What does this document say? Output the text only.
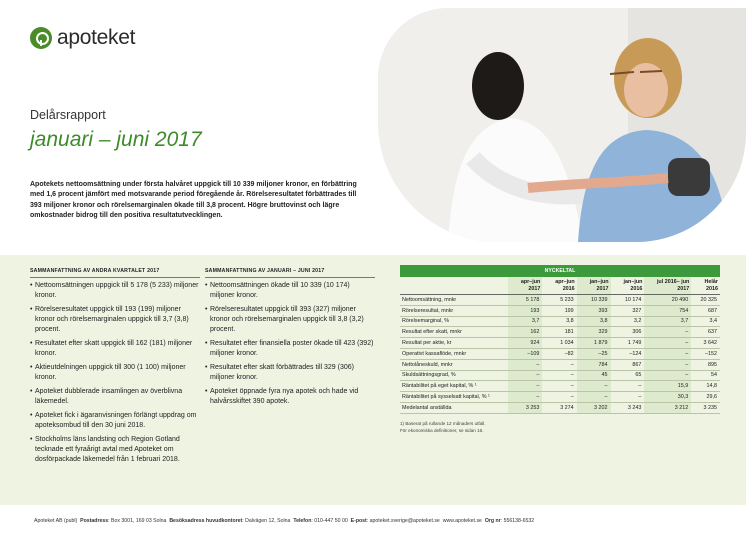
apoteket
Delårsrapport
januari – juni 2017

Apotekets nettoomsättning under första halvåret uppgick till 10 339 miljoner kronor, en förbättring med 1,6 procent jämfört med motsvarande period föregående år. Rörelseresultatet förbättrades till 393 miljoner kronor och rörelsemarginalen ökade till 3,8 procent. Högre bruttovinst och lägre omkostnader bidrog till den positiva resultatutvecklingen.

SAMMANFATTNING AV ANDRA KVARTALET 2017
• Nettoomsättningen uppgick till 5 178 (5 233) miljoner kronor.
• Rörelseresultatet uppgick till 193 (199) miljoner kronor och rörelsemarginalen uppgick till 3,7 (3,8) procent.
• Resultatet efter skatt uppgick till 162 (181) miljoner kronor.
• Aktieutdelningen uppgick till 300 (1 100) miljoner kronor.
• Apoteket dubblerade insamlingen av överblivna läkemedel.
• Apoteket fick i ägaranvisningen förlängt uppdrag om apoteksombud till den 30 juni 2018.
• Stockholms läns landsting och Region Gotland tecknade ett fyraårigt avtal med Apoteket om dosförpackade läkemedel från 1 februari 2018.
SAMMANFATTNING AV JANUARI – JUNI 2017
• Nettoomsättningen ökade till 10 339 (10 174) miljoner kronor.
• Rörelseresultatet uppgick till 393 (327) miljoner kronor och rörelsemarginalen uppgick till 3,8 (3,2) procent.
• Resultatet efter finansiella poster ökade till 423 (392) miljoner kronor.
• Resultatet efter skatt förbättrades till 329 (306) miljoner kronor.
• Apoteket öppnade fyra nya apotek och hade vid halvårsskiftet 390 apotek.
NYCKELTAL
	apr–jun 2017	apr–jun 2016	jan–jun 2017	jan–jun 2016	jul 2016– jun 2017	Helår 2016
Nettoomsättning, mnkr	5 178	5 233	10 339	10 174	20 490	20 325
Rörelseresultat, mnkr	193	199	393	327	754	687
Rörelsemarginal, %	3,7	3,8	3,8	3,2	3,7	3,4
Resultat efter skatt, mnkr	162	181	329	306	–	637
Resultat per aktie, kr	924	1 034	1 879	1 749	–	3 642
Operativt kassaflöde, mnkr	–109	–82	–25	–124	–	–152
Nettolåneskuld, mnkr	–	–	784	867	–	895
Skuldsättningsgrad, %	–	–	45	65	–	54
Räntabilitet på eget kapital, % ¹	–	–	–	–	15,9	14,8
Räntabilitet på sysselsatt kapital, % ¹	–	–	–	–	30,3	29,6
Medelantal anställda	3 253	3 274	3 202	3 243	3 212	3 235
1) Baserat på rullande 12 månaders utfall.
För ekonomiska definitioner, se sidan 16.
Apoteket AB (publ) Postadress: Box 3001, 169 03 Solna Besöksadress huvudkontoret: Dalvägen 12, Solna Telefon: 010-447 50 00 E-post: apoteket.sverige@apoteket.se www.apoteket.se Org nr: 556138-6532
